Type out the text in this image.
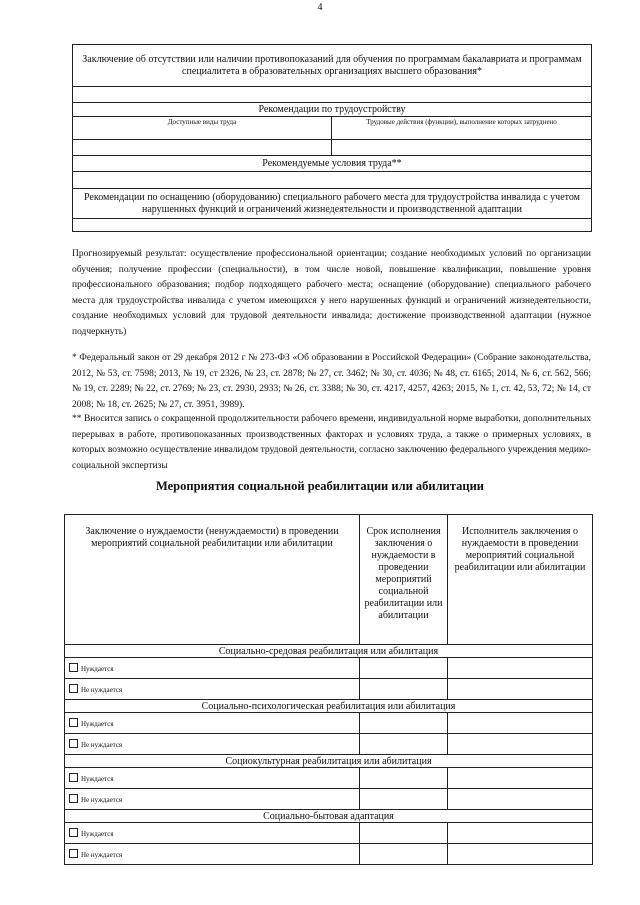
4
Заключение об отсутствии или наличии противопоказаний для обучения по программам бакалавриата и программам специалитета в образовательных организациях высшего образования*	

Рекомендации по трудоустройству	
Доступные виды труда	Трудовые действия (функции), выполнение которых затруднено

Рекомендуемые условия труда**	

Рекомендации по оснащению (оборудованию) специального рабочего места для трудоустройства инвалида с учетом нарушенных функций и ограничений жизнедеятельности и производственной адаптации	

Прогнозируемый результат: осуществление профессиональной ориентации; создание необходимых условий по организации обучения; получение профессии (специальности), в том числе новой, повышение квалификации, повышение уровня профессионального образования; подбор подходящего рабочего места; оснащение (оборудование) специального рабочего места для трудоустройства инвалида с учетом имеющихся у него нарушенных функций и ограничений жизнедеятельности, создание необходимых условий для трудовой деятельности инвалида; достижение производственной адаптации (нужное подчеркнуть)
* Федеральный закон от 29 декабря 2012 г № 273-ФЗ «Об образовании в Российской Федерации» (Собрание законодательства, 2012, № 53, ст. 7598; 2013, № 19, ст 2326, № 23, ст. 2878; № 27, ст. 3462; № 30, ст. 4036; № 48, ст. 6165; 2014, № 6, ст. 562, 566; № 19, ст. 2289; № 22, ст. 2769; № 23, ст. 2930, 2933; № 26, ст. 3388; № 30, ст. 4217, 4257, 4263; 2015, № 1, ст. 42, 53, 72; № 14, ст 2008; № 18, ст. 2625; № 27, ст. 3951, 3989).
** Вносится запись о сокращенной продолжительности рабочего времени, индивидуальной норме выработки, дополнительных перерывах в работе, противопоказанных производственных факторах и условиях труда, а также о примерных условиях, в которых возможно осуществление инвалидом трудовой деятельности, согласно заключению федерального учреждения медико-социальной экспертизы
Мероприятия социальной реабилитации или абилитации
Заключение о нуждаемости (ненуждаемости) в проведении мероприятий социальной реабилитации или абилитации	Срок исполнения заключения о нуждаемости в проведении мероприятий социальной реабилитации или абилитации	Исполнитель заключения о нуждаемости в проведении мероприятий социальной реабилитации или абилитации
Социально-средовая реабилитация или абилитация		
Нуждается		
Не нуждается		
Социально-психологическая реабилитация или абилитация		
Нуждается		
Не нуждается		
Социокультурная реабилитация или абилитация		
Нуждается		
Не нуждается		
Социально-бытовая адаптация		
Нуждается		
Не нуждается		
